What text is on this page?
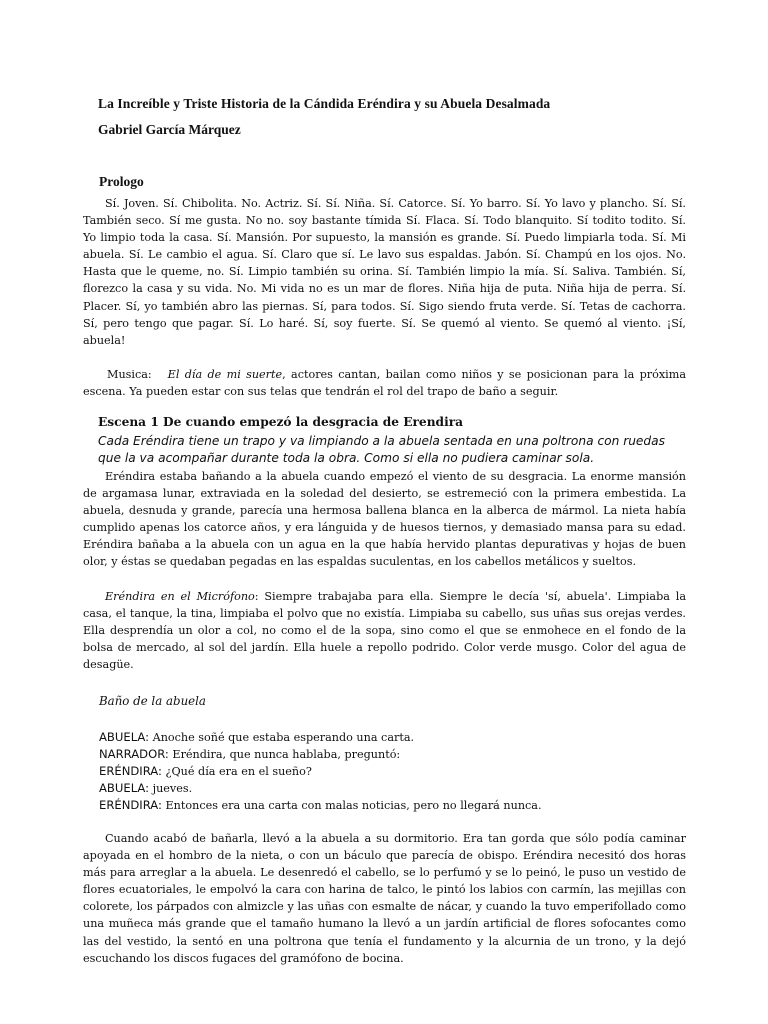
La Increíble y Triste Historia de la Cándida Eréndira y su Abuela Desalmada

Gabriel García Márquez

Prologo

Sí. Joven. Sí. Chibolita. No. Actriz. Sí. Sí. Niña. Sí. Catorce. Sí. Yo barro. Sí. Yo lavo y plancho. Sí. Sí. También seco. Sí me gusta. No no. soy bastante tímida Sí. Flaca. Sí. Todo blanquito. Sí todito todito. Sí. Yo limpio toda la casa. Sí. Mansión. Por supuesto, la mansión es grande. Sí. Puedo limpiarla toda. Sí. Mi abuela. Sí. Le cambio el agua. Sí. Claro que sí. Le lavo sus espaldas. Jabón. Sí. Champú en los ojos. No. Hasta que le queme, no. Sí. Limpio también su orina. Sí. También limpio la mía. Sí. Saliva. También. Sí, florezco la casa y su vida. No. Mi vida no es un mar de flores. Niña hija de puta. Niña hija de perra. Sí. Placer. Sí, yo también abro las piernas. Sí, para todos. Sí. Sigo siendo fruta verde. Sí. Tetas de cachorra. Sí, pero tengo que pagar. Sí. Lo haré. Sí, soy fuerte. Sí. Se quemó al viento. Se quemó al viento. ¡Sí, abuela!

Musica: El día de mi suerte, actores cantan, bailan como niños y se posicionan para la próxima escena. Ya pueden estar con sus telas que tendrán el rol del trapo de baño a seguir.

Escena 1 De cuando empezó la desgracia de Erendira

Cada Eréndira tiene un trapo y va limpiando a la abuela sentada en una poltrona con ruedas que la va acompañar durante toda la obra. Como si ella no pudiera caminar sola.

Eréndira estaba bañando a la abuela cuando empezó el viento de su desgracia. La enorme mansión de argamasa lunar, extraviada en la soledad del desierto, se estremeció con la primera embestida. La abuela, desnuda y grande, parecía una hermosa ballena blanca en la alberca de mármol. La nieta había cumplido apenas los catorce años, y era lánguida y de huesos tiernos, y demasiado mansa para su edad. Eréndira bañaba a la abuela con un agua en la que había hervido plantas depurativas y hojas de buen olor, y éstas se quedaban pegadas en las espaldas suculentas, en los cabellos metálicos y sueltos.

Eréndira en el Micrófono: Siempre trabajaba para ella. Siempre le decía 'sí, abuela'. Limpiaba la casa, el tanque, la tina, limpiaba el polvo que no existía. Limpiaba su cabello, sus uñas sus orejas verdes. Ella desprendía un olor a col, no como el de la sopa, sino como el que se enmohece en el fondo de la bolsa de mercado, al sol del jardín. Ella huele a repollo podrido. Color verde musgo. Color del agua de desagüe.

Baño de la abuela
ABUELA: Anoche soñé que estaba esperando una carta.
NARRADOR: Eréndira, que nunca hablaba, preguntó:
ERÉNDIRA: ¿Qué día era en el sueño?
ABUELA: jueves.
ERÉNDIRA: Entonces era una carta con malas noticias, pero no llegará nunca.

Cuando acabó de bañarla, llevó a la abuela a su dormitorio. Era tan gorda que sólo podía caminar apoyada en el hombro de la nieta, o con un báculo que parecía de obispo. Eréndira necesitó dos horas más para arreglar a la abuela. Le desenredó el cabello, se lo perfumó y se lo peinó, le puso un vestido de flores ecuatoriales, le empolvó la cara con harina de talco, le pintó los labios con carmín, las mejillas con colorete, los párpados con almizcle y las uñas con esmalte de nácar, y cuando la tuvo emperifollado como una muñeca más grande que el tamaño humano la llevó a un jardín artificial de flores sofocantes como las del vestido, la sentó en una poltrona que tenía el fundamento y la alcurnia de un trono, y la dejó escuchando los discos fugaces del gramófono de bocina.
